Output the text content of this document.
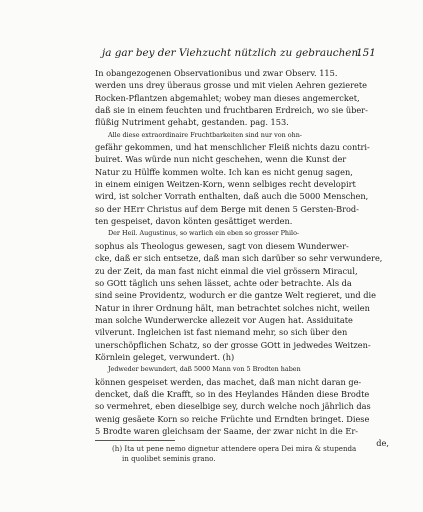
ja gar bey der Viehzucht nützlich zu gebrauchen.
151
In obangezogenen Observationibus und zwar Observ. 115.
werden uns drey überaus grosse und mit vielen Aehren gezierete
Rocken-Pflantzen abgemahlet; wobey man dieses angemercket,
daß sie in einem feuchten und fruchtbaren Erdreich, wo sie über-
flüßig Nutriment gehabt, gestanden. pag. 153.
Alle diese extraordinaire Fruchtbarkeiten sind nur von ohn-
gefähr gekommen, und hat menschlicher Fleiß nichts dazu contri-
buiret. Was würde nun nicht geschehen, wenn die Kunst der
Natur zu Hülffe kommen wolte. Ich kan es nicht genug sagen,
in einem einigen Weitzen-Korn, wenn selbiges recht developirt
wird, ist solcher Vorrath enthalten, daß auch die 5000 Menschen,
so der HErr Christus auf dem Berge mit denen 5 Gersten-Brod-
ten gespeiset, davon könten gesättiget werden.
Der Heil. Augustinus, so warlich ein eben so grosser Philo-
sophus als Theologus gewesen, sagt von diesem Wunderwer-
cke, daß er sich entsetze, daß man sich darüber so sehr verwundere,
zu der Zeit, da man fast nicht einmal die viel grössern Miracul,
so GOtt täglich uns sehen lässet, achte oder betrachte. Als da
sind seine Providentz, wodurch er die gantze Welt regieret, und die
Natur in ihrer Ordnung hält, man betrachtet solches nicht, weilen
man solche Wunderwercke allezeit vor Augen hat. Assiduitate
vilverunt. Ingleichen ist fast niemand mehr, so sich über den
unerschöpflichen Schatz, so der grosse GOtt in jedwedes Weitzen-
Körnlein geleget, verwundert. (h)
Jedweder bewundert, daß 5000 Mann von 5 Brodten haben
können gespeiset werden, das machet, daß man nicht daran ge-
dencket, daß die Krafft, so in des Heylandes Händen diese Brodte
so vermehret, eben dieselbige sey, durch welche noch jährlich das
wenig gesäete Korn so reiche Früchte und Erndten bringet. Diese
5 Brodte waren gleichsam der Saame, der zwar nicht in die Er-
de,
(h) Ita ut pene nemo dignetur attendere opera Dei mira & stupenda
in quolibet seminis grano.
